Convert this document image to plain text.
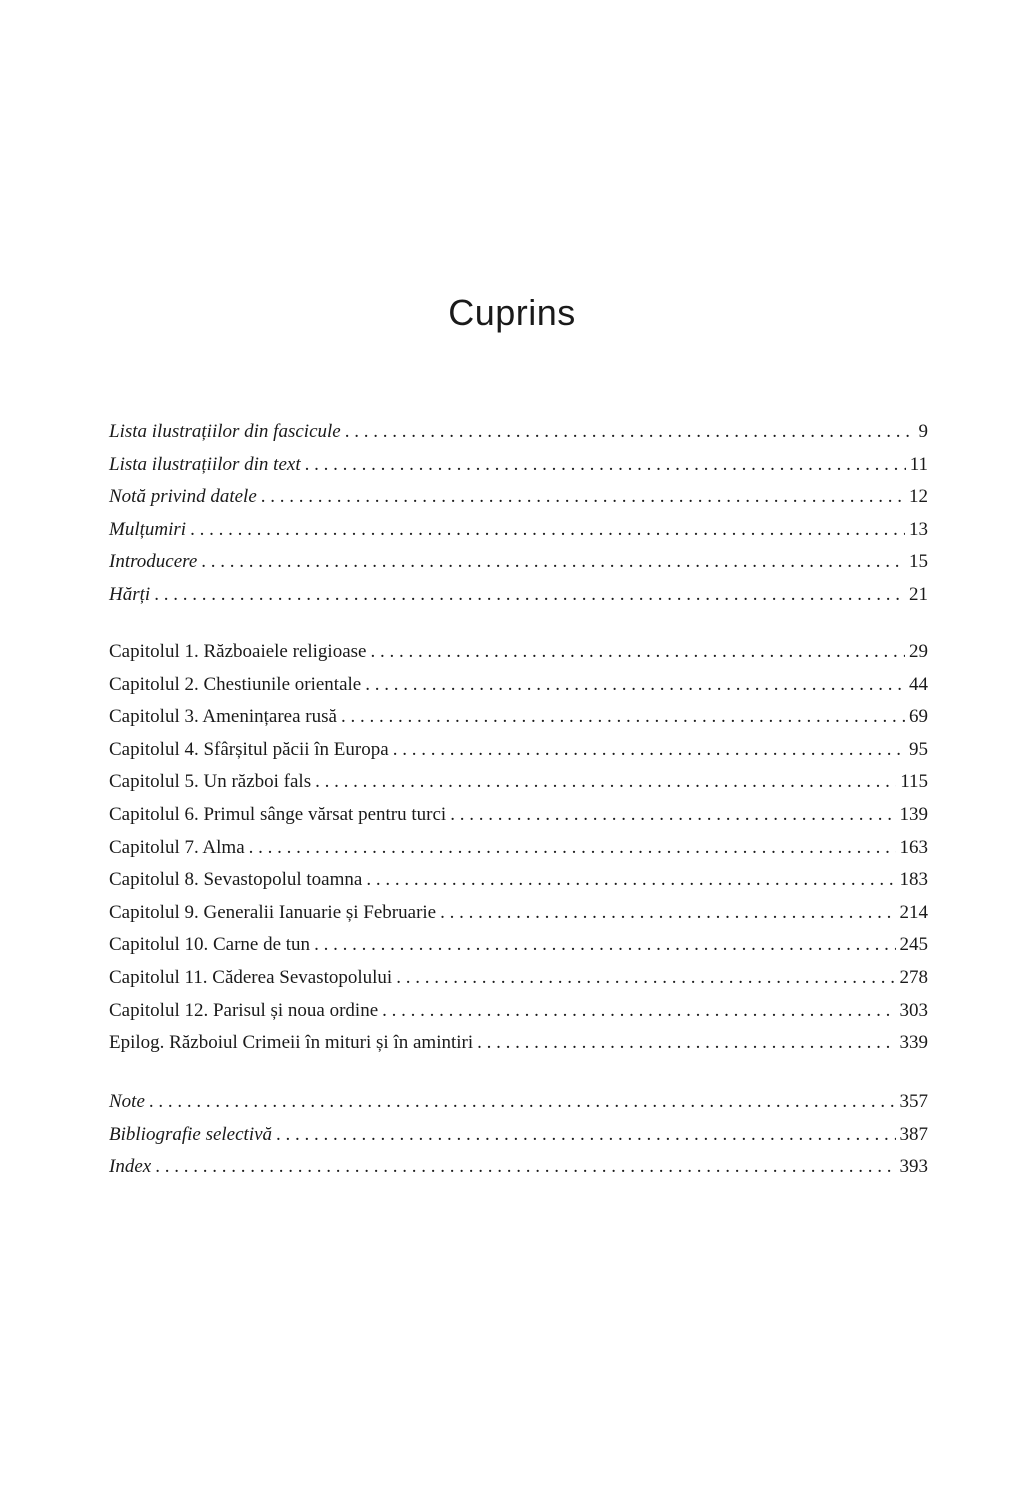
Cuprins
Lista ilustrațiilor din fascicule . . .	9
Lista ilustrațiilor din text . . .	11
Notă privind datele . . .	12
Mulțumiri . . .	13
Introducere . . .	15
Hărți . . .	21
Capitolul 1. Războaiele religioase . . .	29
Capitolul 2. Chestiunile orientale . . .	44
Capitolul 3. Amenințarea rusă . . .	69
Capitolul 4. Sfârșitul păcii în Europa . . .	95
Capitolul 5. Un război fals . . .	115
Capitolul 6. Primul sânge vărsat pentru turci . . .	139
Capitolul 7. Alma . . .	163
Capitolul 8. Sevastopolul toamna . . .	183
Capitolul 9. Generalii Ianuarie și Februarie . . .	214
Capitolul 10. Carne de tun . . .	245
Capitolul 11. Căderea Sevastopolului . . .	278
Capitolul 12. Parisul și noua ordine . . .	303
Epilog. Războiul Crimeii în mituri și în amintiri . . .	339
Note . . .	357
Bibliografie selectivă . . .	387
Index . . .	393
